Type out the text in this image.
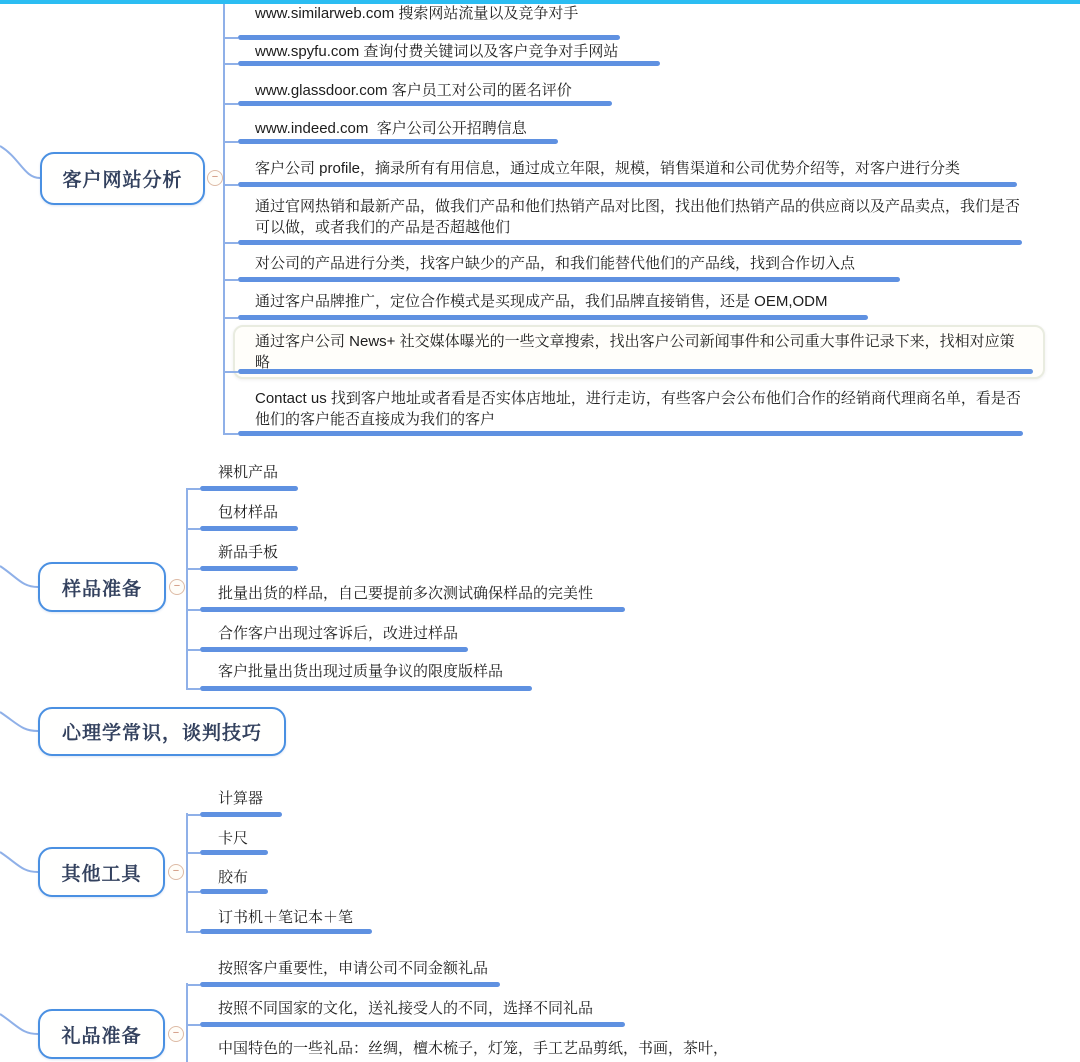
客户网站分析	−
www.similarweb.com 搜索网站流量以及竞争对手
www.spyfu.com 查询付费关键词以及客户竞争对手网站
www.glassdoor.com 客户员工对公司的匿名评价
www.indeed.com  客户公司公开招聘信息
客户公司 profile，摘录所有有用信息，通过成立年限，规模，销售渠道和公司优势介绍等，对客户进行分类
通过官网热销和最新产品，做我们产品和他们热销产品对比图，找出他们热销产品的供应商以及产品卖点，我们是否可以做，或者我们的产品是否超越他们
对公司的产品进行分类，找客户缺少的产品，和我们能替代他们的产品线，找到合作切入点
通过客户品牌推广，定位合作模式是买现成产品，我们品牌直接销售，还是 OEM,ODM
通过客户公司 News+ 社交媒体曝光的一些文章搜索，找出客户公司新闻事件和公司重大事件记录下来，找相对应策略
Contact us 找到客户地址或者看是否实体店地址，进行走访，有些客户会公布他们合作的经销商代理商名单，看是否他们的客户能否直接成为我们的客户
样品准备	−
裸机产品
包材样品
新品手板
批量出货的样品，自己要提前多次测试确保样品的完美性
合作客户出现过客诉后，改进过样品
客户批量出货出现过质量争议的限度版样品
心理学常识，谈判技巧
其他工具	−
计算器
卡尺
胶布
订书机＋笔记本＋笔
礼品准备	−
按照客户重要性，申请公司不同金额礼品
按照不同国家的文化，送礼接受人的不同，选择不同礼品
中国特色的一些礼品：丝绸，檀木梳子，灯笼，手工艺品剪纸，书画，茶叶，
